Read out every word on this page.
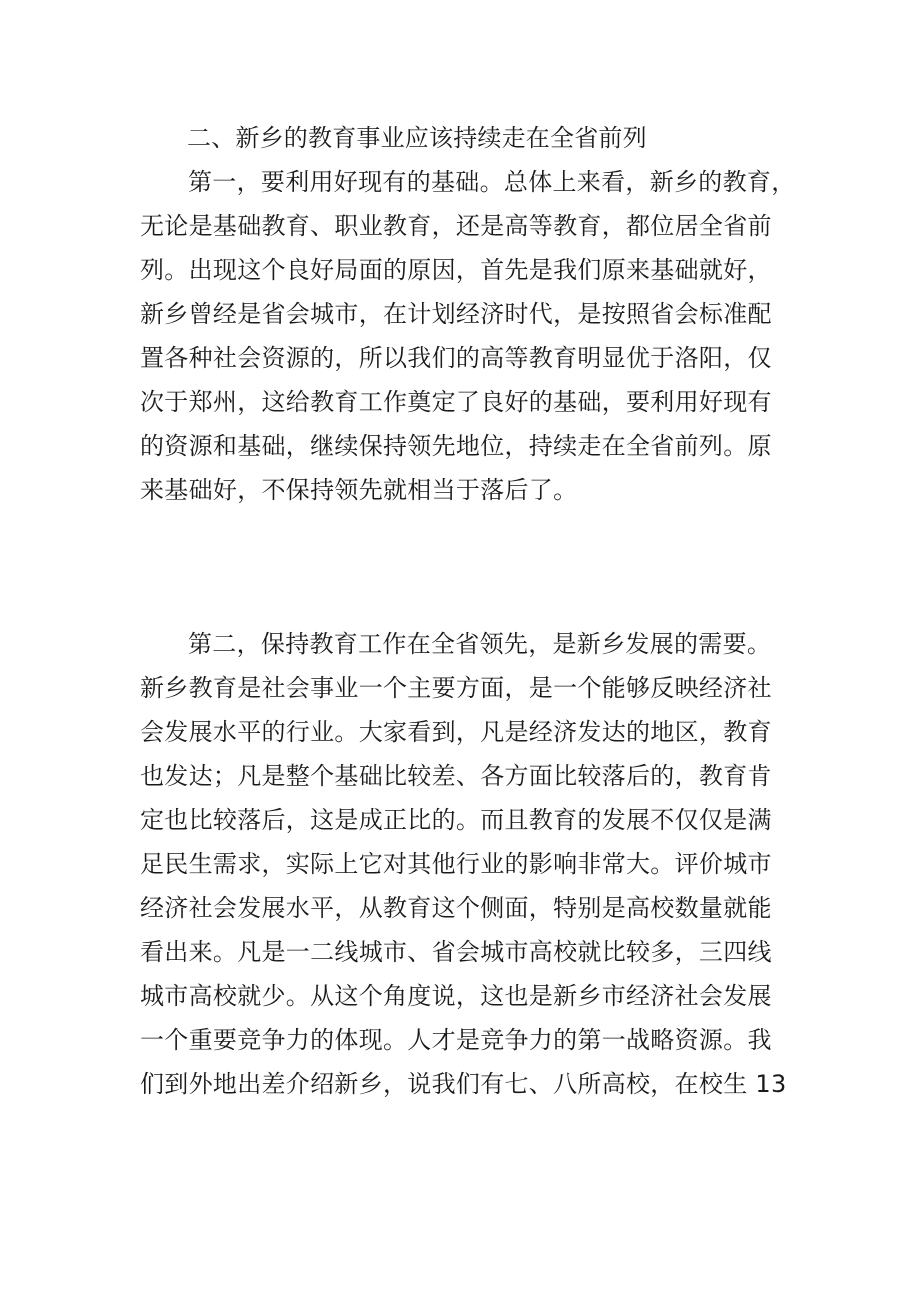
二、新乡的教育事业应该持续走在全省前列

第一，要利用好现有的基础。总体上来看，新乡的教育，
无论是基础教育、职业教育，还是高等教育，都位居全省前
列。出现这个良好局面的原因，首先是我们原来基础就好，
新乡曾经是省会城市，在计划经济时代，是按照省会标准配
置各种社会资源的，所以我们的高等教育明显优于洛阳，仅
次于郑州，这给教育工作奠定了良好的基础，要利用好现有
的资源和基础，继续保持领先地位，持续走在全省前列。原
来基础好，不保持领先就相当于落后了。

第二，保持教育工作在全省领先，是新乡发展的需要。
新乡教育是社会事业一个主要方面，是一个能够反映经济社
会发展水平的行业。大家看到，凡是经济发达的地区，教育
也发达；凡是整个基础比较差、各方面比较落后的，教育肯
定也比较落后，这是成正比的。而且教育的发展不仅仅是满
足民生需求，实际上它对其他行业的影响非常大。评价城市
经济社会发展水平，从教育这个侧面，特别是高校数量就能
看出来。凡是一二线城市、省会城市高校就比较多，三四线
城市高校就少。从这个角度说，这也是新乡市经济社会发展
一个重要竞争力的体现。人才是竞争力的第一战略资源。我
们到外地出差介绍新乡，说我们有七、八所高校，在校生 13
